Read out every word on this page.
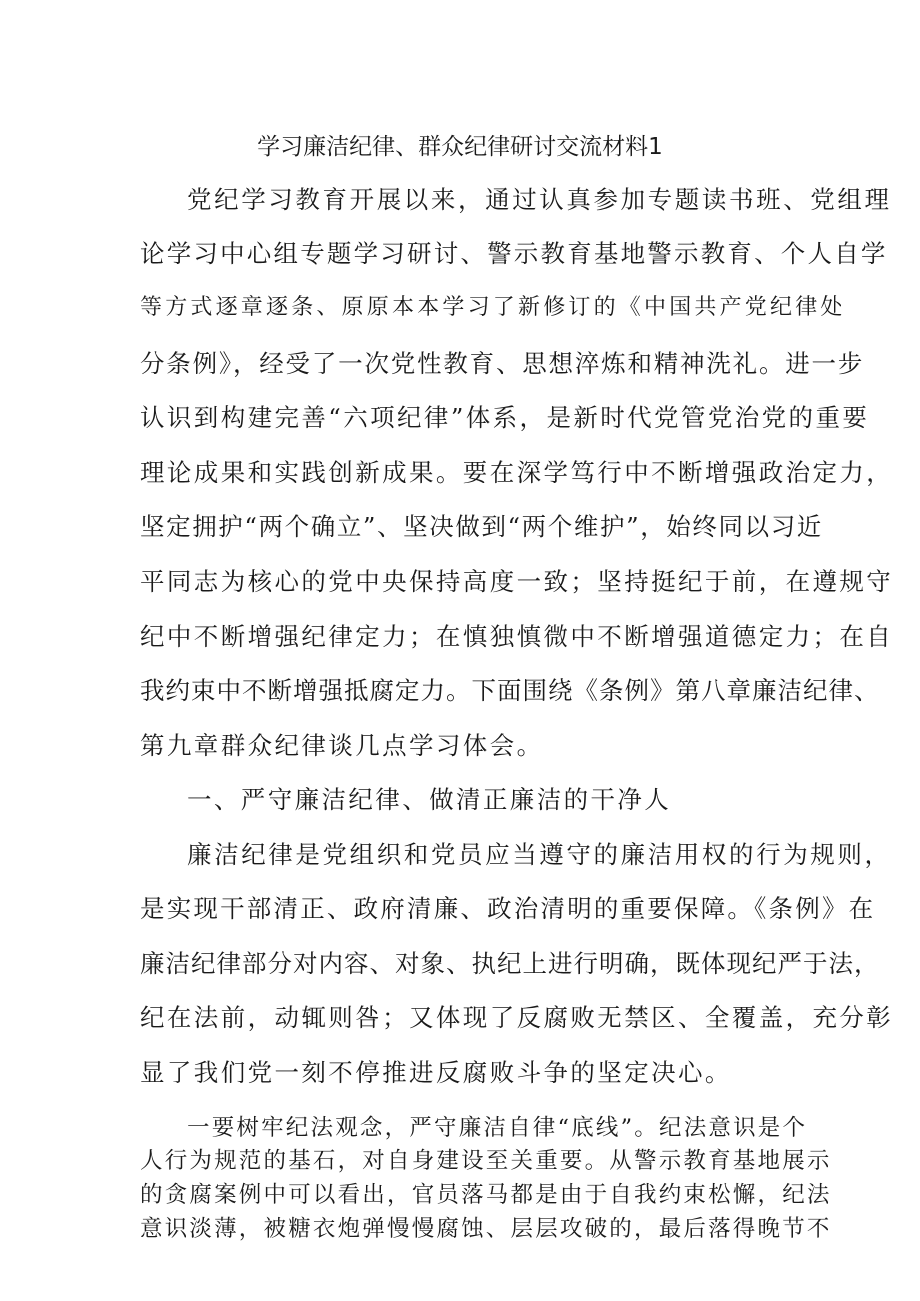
学习廉洁纪律、群众纪律研讨交流材料1
党纪学习教育开展以来，通过认真参加专题读书班、党组理
论学习中心组专题学习研讨、警示教育基地警示教育、个人自学
等方式逐章逐条、原原本本学习了新修订的《中国共产党纪律处
分条例》，经受了一次党性教育、思想淬炼和精神洗礼。进一步
认识到构建完善“六项纪律”体系，是新时代党管党治党的重要
理论成果和实践创新成果。要在深学笃行中不断增强政治定力，
坚定拥护“两个确立”、坚决做到“两个维护”，始终同以习近
平同志为核心的党中央保持高度一致；坚持挺纪于前，在遵规守
纪中不断增强纪律定力；在慎独慎微中不断增强道德定力；在自
我约束中不断增强抵腐定力。下面围绕《条例》第八章廉洁纪律、
第九章群众纪律谈几点学习体会。
一、严守廉洁纪律、做清正廉洁的干净人
廉洁纪律是党组织和党员应当遵守的廉洁用权的行为规则，
是实现干部清正、政府清廉、政治清明的重要保障。《条例》在
廉洁纪律部分对内容、对象、执纪上进行明确，既体现纪严于法，
纪在法前，动辄则咎；又体现了反腐败无禁区、全覆盖，充分彰
显了我们党一刻不停推进反腐败斗争的坚定决心。
一要树牢纪法观念，严守廉洁自律“底线”。纪法意识是个
人行为规范的基石，对自身建设至关重要。从警示教育基地展示
的贪腐案例中可以看出，官员落马都是由于自我约束松懈，纪法
意识淡薄，被糖衣炮弹慢慢腐蚀、层层攻破的，最后落得晚节不
